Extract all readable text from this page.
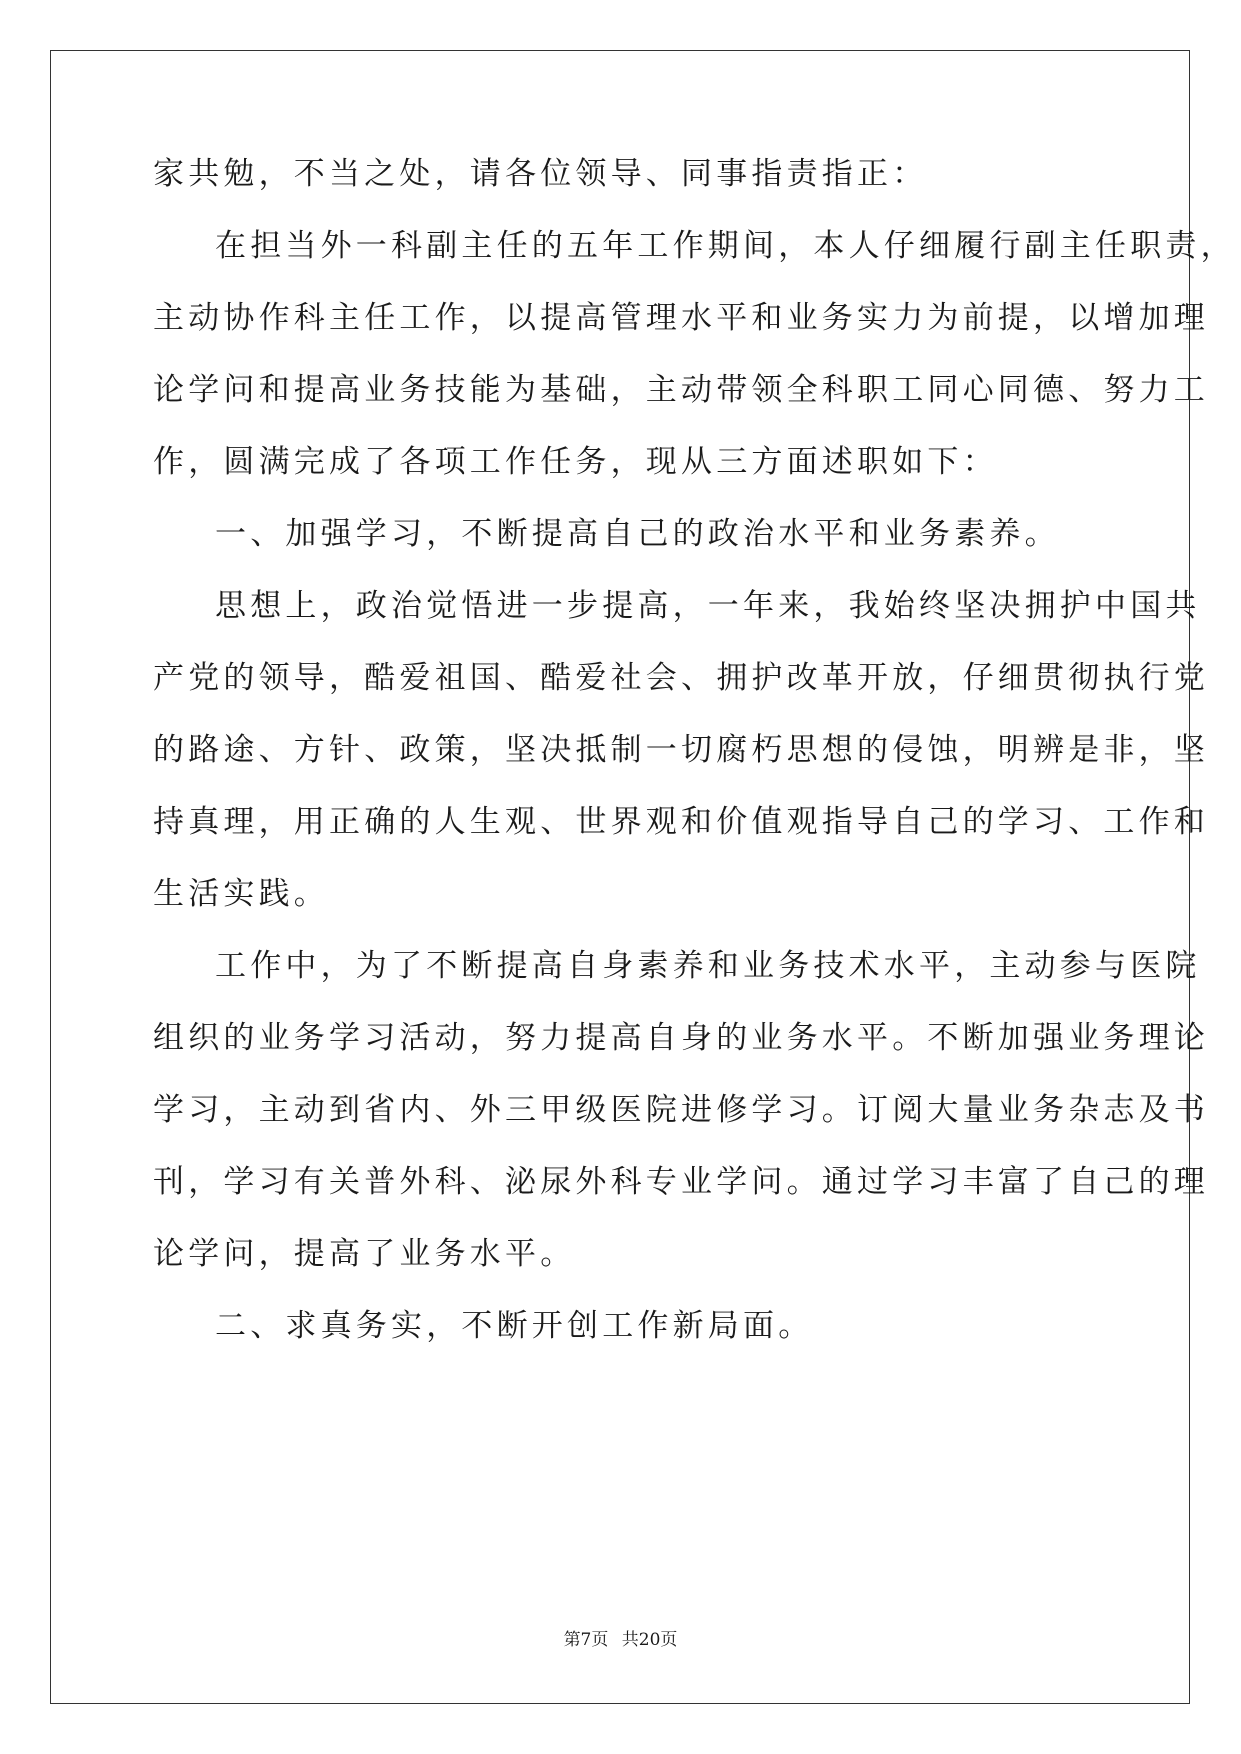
家共勉，不当之处，请各位领导、同事指责指正：
在担当外一科副主任的五年工作期间，本人仔细履行副主任职责，
主动协作科主任工作，以提高管理水平和业务实力为前提，以增加理
论学问和提高业务技能为基础，主动带领全科职工同心同德、努力工
作，圆满完成了各项工作任务，现从三方面述职如下：
一、加强学习，不断提高自己的政治水平和业务素养。
思想上，政治觉悟进一步提高，一年来，我始终坚决拥护中国共
产党的领导，酷爱祖国、酷爱社会、拥护改革开放，仔细贯彻执行党
的路途、方针、政策，坚决抵制一切腐朽思想的侵蚀，明辨是非，坚
持真理，用正确的人生观、世界观和价值观指导自己的学习、工作和
生活实践。
工作中，为了不断提高自身素养和业务技术水平，主动参与医院
组织的业务学习活动，努力提高自身的业务水平。不断加强业务理论
学习，主动到省内、外三甲级医院进修学习。订阅大量业务杂志及书
刊，学习有关普外科、泌尿外科专业学问。通过学习丰富了自己的理
论学问，提高了业务水平。
二、求真务实，不断开创工作新局面。
第7页 共20页
